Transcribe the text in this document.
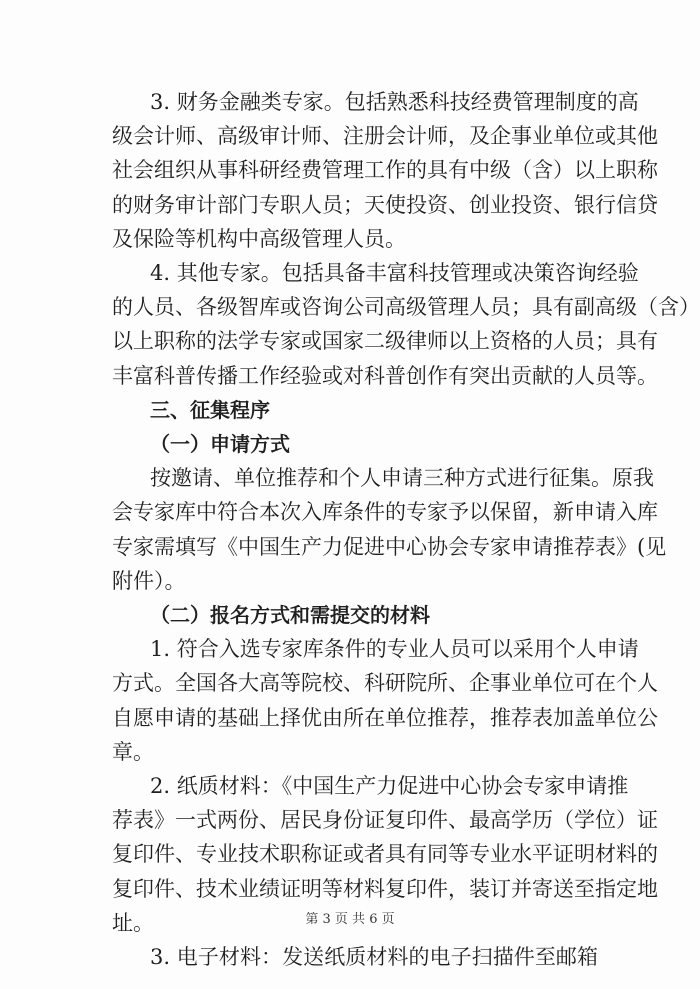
3. 财务金融类专家。包括熟悉科技经费管理制度的高
级会计师、高级审计师、注册会计师，及企事业单位或其他
社会组织从事科研经费管理工作的具有中级（含）以上职称
的财务审计部门专职人员；天使投资、创业投资、银行信贷
及保险等机构中高级管理人员。
4. 其他专家。包括具备丰富科技管理或决策咨询经验
的人员、各级智库或咨询公司高级管理人员；具有副高级（含）
以上职称的法学专家或国家二级律师以上资格的人员；具有
丰富科普传播工作经验或对科普创作有突出贡献的人员等。
三、征集程序
（一）申请方式
按邀请、单位推荐和个人申请三种方式进行征集。原我
会专家库中符合本次入库条件的专家予以保留，新申请入库
专家需填写《中国生产力促进中心协会专家申请推荐表》(见
附件）。
（二）报名方式和需提交的材料
1. 符合入选专家库条件的专业人员可以采用个人申请
方式。全国各大高等院校、科研院所、企事业单位可在个人
自愿申请的基础上择优由所在单位推荐，推荐表加盖单位公
章。
2. 纸质材料：《中国生产力促进中心协会专家申请推
荐表》一式两份、居民身份证复印件、最高学历（学位）证
复印件、专业技术职称证或者具有同等专业水平证明材料的
复印件、技术业绩证明等材料复印件，装订并寄送至指定地
址。
3. 电子材料：发送纸质材料的电子扫描件至邮箱
第 3 页 共 6 页
